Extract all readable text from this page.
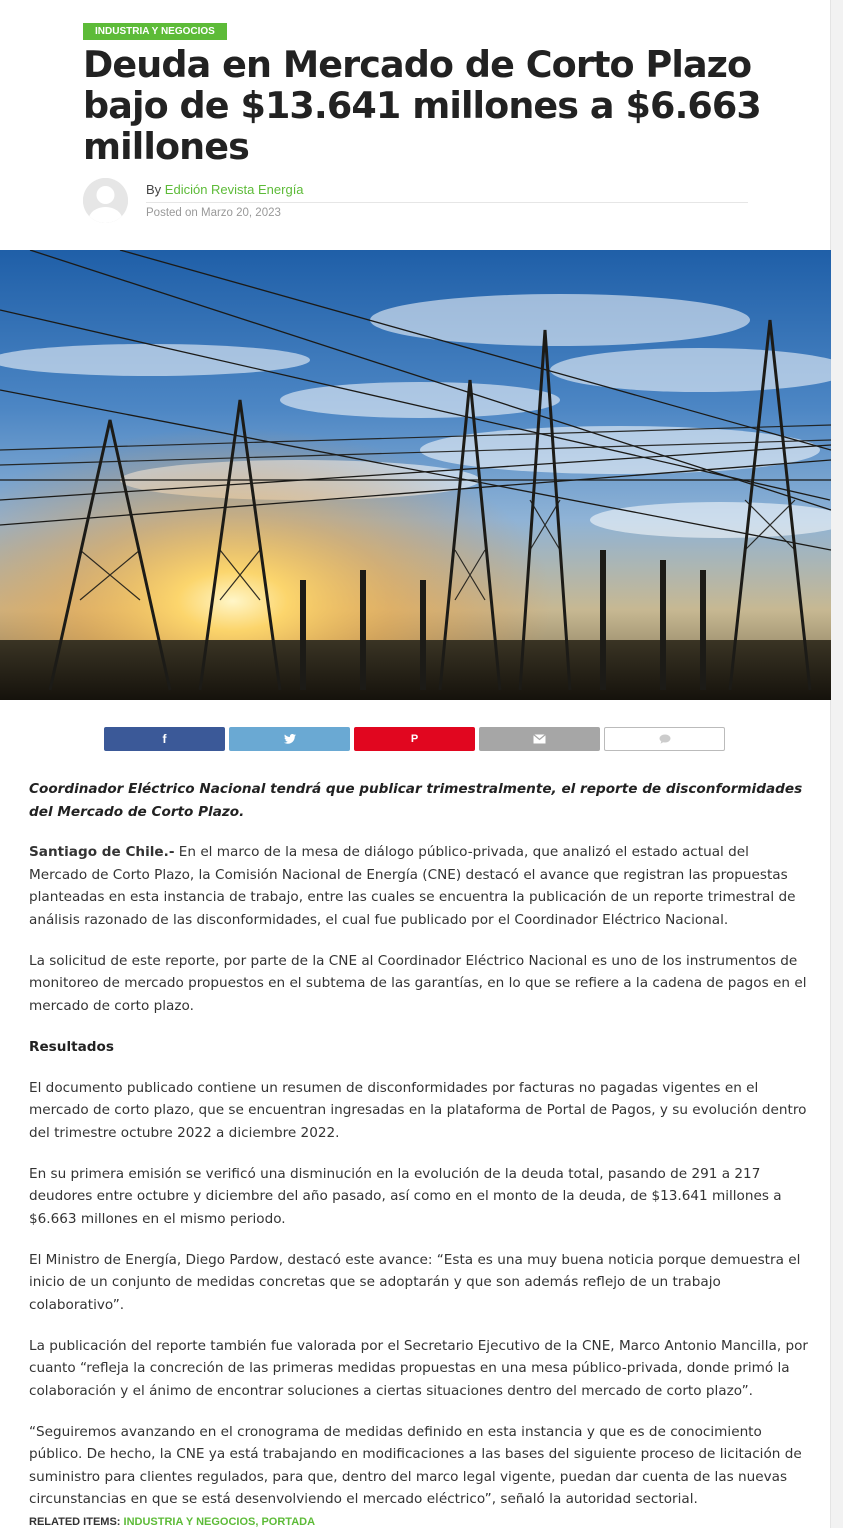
INDUSTRIA Y NEGOCIOS
Deuda en Mercado de Corto Plazo bajo de $13.641 millones a $6.663 millones
By Edición Revista Energía
Posted on Marzo 20, 2023
f	P

Coordinador Eléctrico Nacional tendrá que publicar trimestralmente, el reporte de disconformidades del Mercado de Corto Plazo.

Santiago de Chile.- En el marco de la mesa de diálogo público-privada, que analizó el estado actual del Mercado de Corto Plazo, la Comisión Nacional de Energía (CNE) destacó el avance que registran las propuestas planteadas en esta instancia de trabajo, entre las cuales se encuentra la publicación de un reporte trimestral de análisis razonado de las disconformidades, el cual fue publicado por el Coordinador Eléctrico Nacional.

La solicitud de este reporte, por parte de la CNE al Coordinador Eléctrico Nacional es uno de los instrumentos de monitoreo de mercado propuestos en el subtema de las garantías, en lo que se refiere a la cadena de pagos en el mercado de corto plazo.

Resultados

El documento publicado contiene un resumen de disconformidades por facturas no pagadas vigentes en el mercado de corto plazo, que se encuentran ingresadas en la plataforma de Portal de Pagos, y su evolución dentro del trimestre octubre 2022 a diciembre 2022.

En su primera emisión se verificó una disminución en la evolución de la deuda total, pasando de 291 a 217 deudores entre octubre y diciembre del año pasado, así como en el monto de la deuda, de $13.641 millones a $6.663 millones en el mismo periodo.

El Ministro de Energía, Diego Pardow, destacó este avance: “Esta es una muy buena noticia porque demuestra el inicio de un conjunto de medidas concretas que se adoptarán y que son además reflejo de un trabajo colaborativo”.

La publicación del reporte también fue valorada por el Secretario Ejecutivo de la CNE, Marco Antonio Mancilla, por cuanto “refleja la concreción de las primeras medidas propuestas en una mesa público-privada, donde primó la colaboración y el ánimo de encontrar soluciones a ciertas situaciones dentro del mercado de corto plazo”.

“Seguiremos avanzando en el cronograma de medidas definido en esta instancia y que es de conocimiento público. De hecho, la CNE ya está trabajando en modificaciones a las bases del siguiente proceso de licitación de suministro para clientes regulados, para que, dentro del marco legal vigente, puedan dar cuenta de las nuevas circunstancias en que se está desenvolviendo el mercado eléctrico”, señaló la autoridad sectorial.

RELATED ITEMS: INDUSTRIA Y NEGOCIOS, PORTADA
